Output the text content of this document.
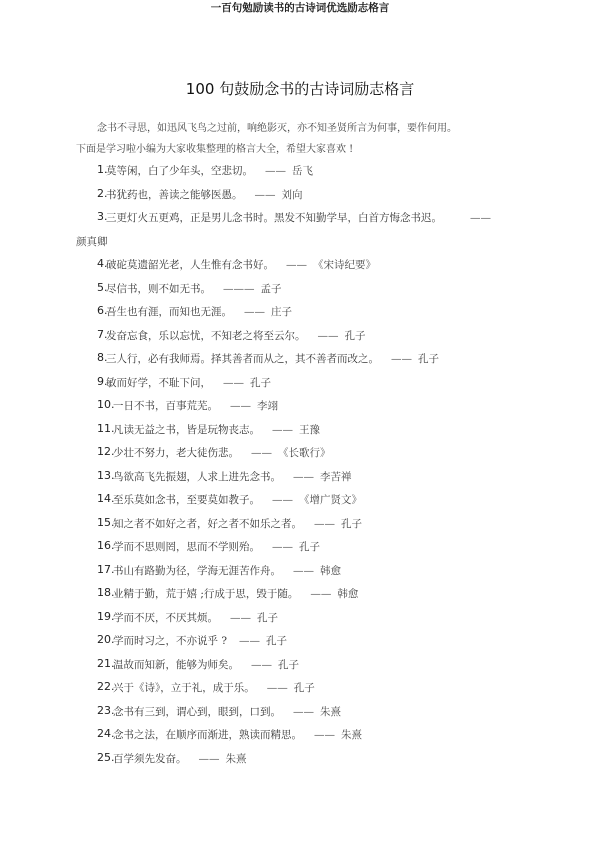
一百句勉励读书的古诗词优选励志格言
100 句鼓励念书的古诗词励志格言
念书不寻思，如迅风飞鸟之过前，响绝影灭，亦不知圣贤所言为何事，要作何用。
下面是学习啦小编为大家收集整理的格言大全，希望大家喜欢 !
1.
莫等闲，白了少年头，空悲切。 —— 岳飞
2.
书犹药也，善读之能够医愚。 —— 刘向
3.
三更灯火五更鸡，正是男儿念书时。黑发不知勤学早，白首方悔念书迟。	——
颜真卿
4.
破砣莫遗韶光老，人生惟有念书好。 —— 《宋诗纪要》
5.
尽信书，则不如无书。 ——— 孟子
6.
吾生也有涯，而知也无涯。 —— 庄子
7.
发奋忘食，乐以忘忧，不知老之将至云尔。 —— 孔子
8.
三人行，必有我师焉。择其善者而从之，其不善者而改之。 —— 孔子
9.
敏而好学，不耻下问， —— 孔子
10.
一日不书，百事荒芜。 —— 李翊
11.
凡读无益之书，皆是玩物丧志。 —— 王豫
12.
少壮不努力，老大徒伤悲。 —— 《长歌行》
13.
鸟欲高飞先振翅，人求上进先念书。 —— 李苦禅
14.
至乐莫如念书，至要莫如教子。 —— 《增广贤文》
15.
知之者不如好之者，好之者不如乐之者。 —— 孔子
16.
学而不思则罔，思而不学则殆。 —— 孔子
17.
书山有路勤为径，学海无涯苦作舟。 —— 韩愈
18.
业精于勤，荒于嬉 ;行成于思，毁于随。 —— 韩愈
19.
学而不厌，不厌其烦。 —— 孔子
20.
学而时习之，不亦说乎 ? —— 孔子
21.
温故而知新，能够为师矣。 —— 孔子
22.
兴于《诗》，立于礼，成于乐。 —— 孔子
23.
念书有三到，谓心到，眼到，口到。 —— 朱熹
24.
念书之法，在顺序而渐进，熟读而精思。 —— 朱熹
25.
百学须先发奋。 —— 朱熹
